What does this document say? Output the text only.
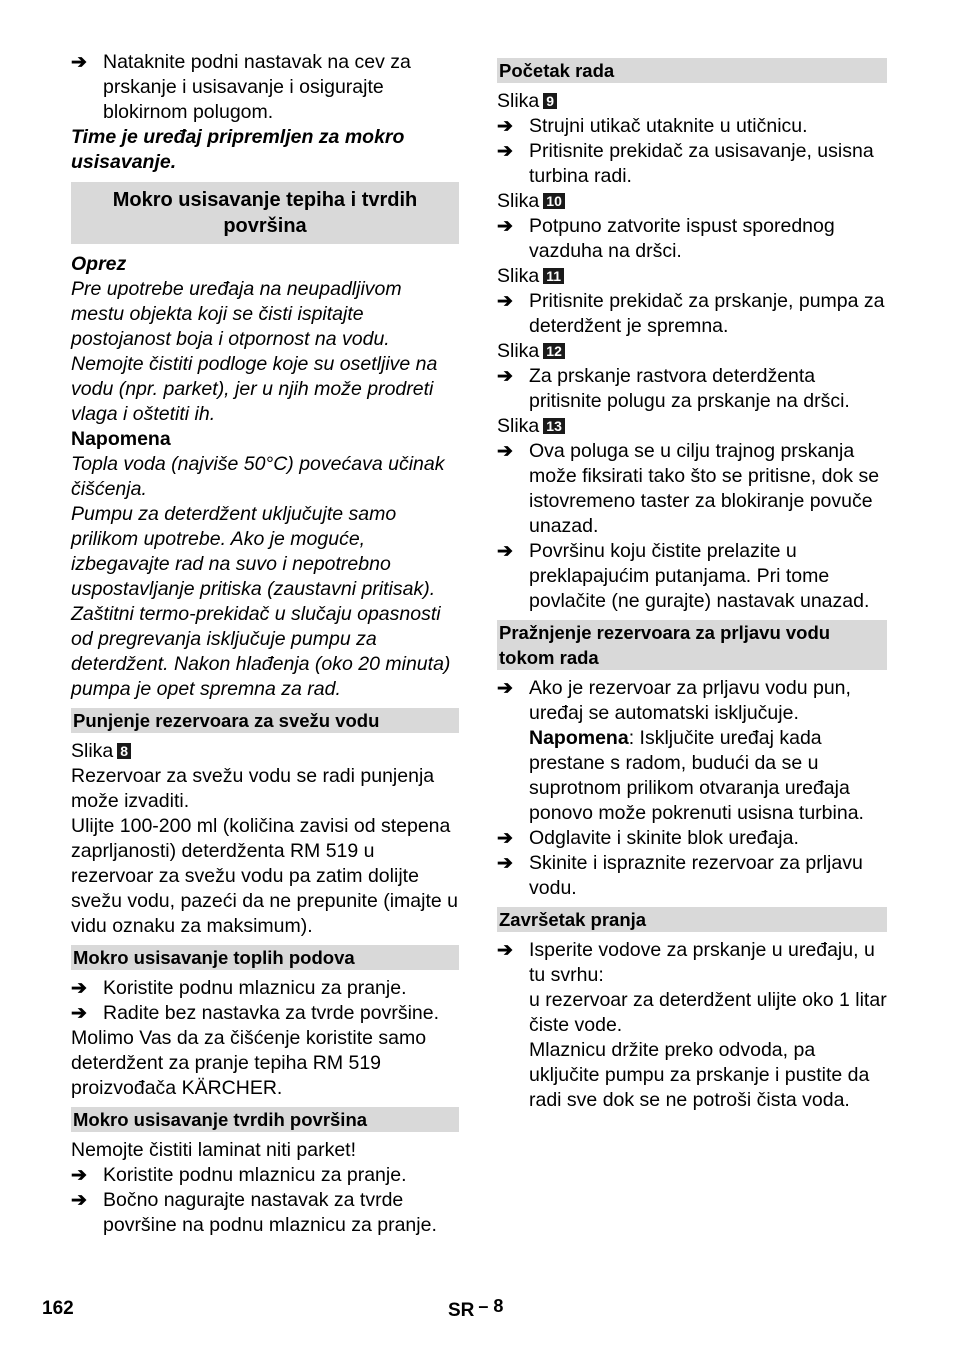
➔ Nataknite podni nastavak na cev za prskanje i usisavanje i osigurajte blokirnom polugom.
Time je uređaj pripremljen za mokro usisavanje.
Mokro usisavanje tepiha i tvrdih površina
Oprez
Pre upotrebe uređaja na neupadljivom mestu objekta koji se čisti ispitajte postojanost boja i otpornost na vodu. Nemojte čistiti podloge koje su osetljive na vodu (npr. parket), jer u njih može prodreti vlaga i oštetiti ih.
Napomena
Topla voda (najviše 50°C) povećava učinak čišćenja.
Pumpu za deterdžent uključujte samo prilikom upotrebe. Ako je moguće, izbegavajte rad na suvo i nepotrebno uspostavljanje pritiska (zaustavni pritisak).
Zaštitni termo-prekidač u slučaju opasnosti od pregrevanja isključuje pumpu za deterdžent. Nakon hlađenja (oko 20 minuta) pumpa je opet spremna za rad.
Punjenje rezervoara za svežu vodu
Slika 8
Rezervoar za svežu vodu se radi punjenja može izvaditi.
Ulijte 100-200 ml (količina zavisi od stepena zaprljanosti) deterdženta RM 519 u rezervoar za svežu vodu pa zatim dolijte svežu vodu, pazeći da ne prepunite (imajte u vidu oznaku za maksimum).
Mokro usisavanje toplih podova
➔ Koristite podnu mlaznicu za pranje.
➔ Radite bez nastavka za tvrde površine.
Molimo Vas da za čišćenje koristite samo deterdžent za pranje tepiha RM 519 proizvođača KÄRCHER.
Mokro usisavanje tvrdih površina
Nemojte čistiti laminat niti parket!
➔ Koristite podnu mlaznicu za pranje.
➔ Bočno nagurajte nastavak za tvrde površine na podnu mlaznicu za pranje.
Početak rada
Slika 9
➔ Strujni utikač utaknite u utičnicu.
➔ Pritisnite prekidač za usisavanje, usisna turbina radi.
Slika 10
➔ Potpuno zatvorite ispust sporednog vazduha na dršci.
Slika 11
➔ Pritisnite prekidač za prskanje, pumpa za deterdžent je spremna.
Slika 12
➔ Za prskanje rastvora deterdženta pritisnite polugu za prskanje na dršci.
Slika 13
➔ Ova poluga se u cilju trajnog prskanja može fiksirati tako što se pritisne, dok se istovremeno taster za blokiranje povuče unazad.
➔ Površinu koju čistite prelazite u preklapajućim putanjama. Pri tome povlačite (ne gurajte) nastavak unazad.
Pražnjenje rezervoara za prljavu vodu tokom rada
➔ Ako je rezervoar za prljavu vodu pun, uređaj se automatski isključuje.
Napomena: Isključite uređaj kada prestane s radom, budući da se u suprotnom prilikom otvaranja uređaja ponovo može pokrenuti usisna turbina.
➔ Odglavite i skinite blok uređaja.
➔ Skinite i ispraznite rezervoar za prljavu vodu.
Završetak pranja
➔ Isperite vodove za prskanje u uređaju, u tu svrhu:
u rezervoar za deterdžent ulijte oko 1 litar čiste vode.
Mlaznicu držite preko odvoda, pa uključite pumpu za prskanje i pustite da radi sve dok se ne potroši čista voda.
162	SR – 8
